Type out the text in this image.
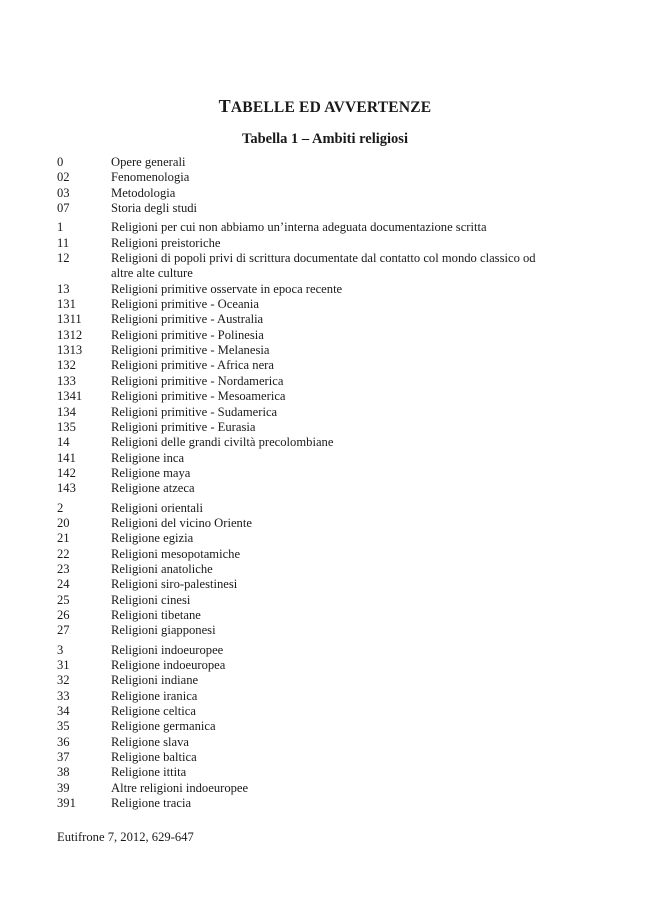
TABELLE ED AVVERTENZE
Tabella 1 – Ambiti religiosi
0	Opere generali
02	Fenomenologia
03	Metodologia
07	Storia degli studi
1	Religioni per cui non abbiamo un’interna adeguata documentazione scritta
11	Religioni preistoriche
12	Religioni di popoli privi di scrittura documentate dal contatto col mondo classico od
altre alte culture
13	Religioni primitive osservate in epoca recente
131	Religioni primitive - Oceania
1311	Religioni primitive - Australia
1312	Religioni primitive - Polinesia
1313	Religioni primitive - Melanesia
132	Religioni primitive - Africa nera
133	Religioni primitive - Nordamerica
1341	Religioni primitive - Mesoamerica
134	Religioni primitive - Sudamerica
135	Religioni primitive - Eurasia
14	Religioni delle grandi civiltà precolombiane
141	Religione inca
142	Religione maya
143	Religione atzeca
2	Religioni orientali
20	Religioni del vicino Oriente
21	Religione egizia
22	Religioni mesopotamiche
23	Religioni anatoliche
24	Religioni siro-palestinesi
25	Religioni cinesi
26	Religioni tibetane
27	Religioni giapponesi
3	Religioni indoeuropee
31	Religione indoeuropea
32	Religioni indiane
33	Religione iranica
34	Religione celtica
35	Religione germanica
36	Religione slava
37	Religione baltica
38	Religione ittita
39	Altre religioni indoeuropee
391	Religione tracia
Eutifrone 7, 2012, 629-647
